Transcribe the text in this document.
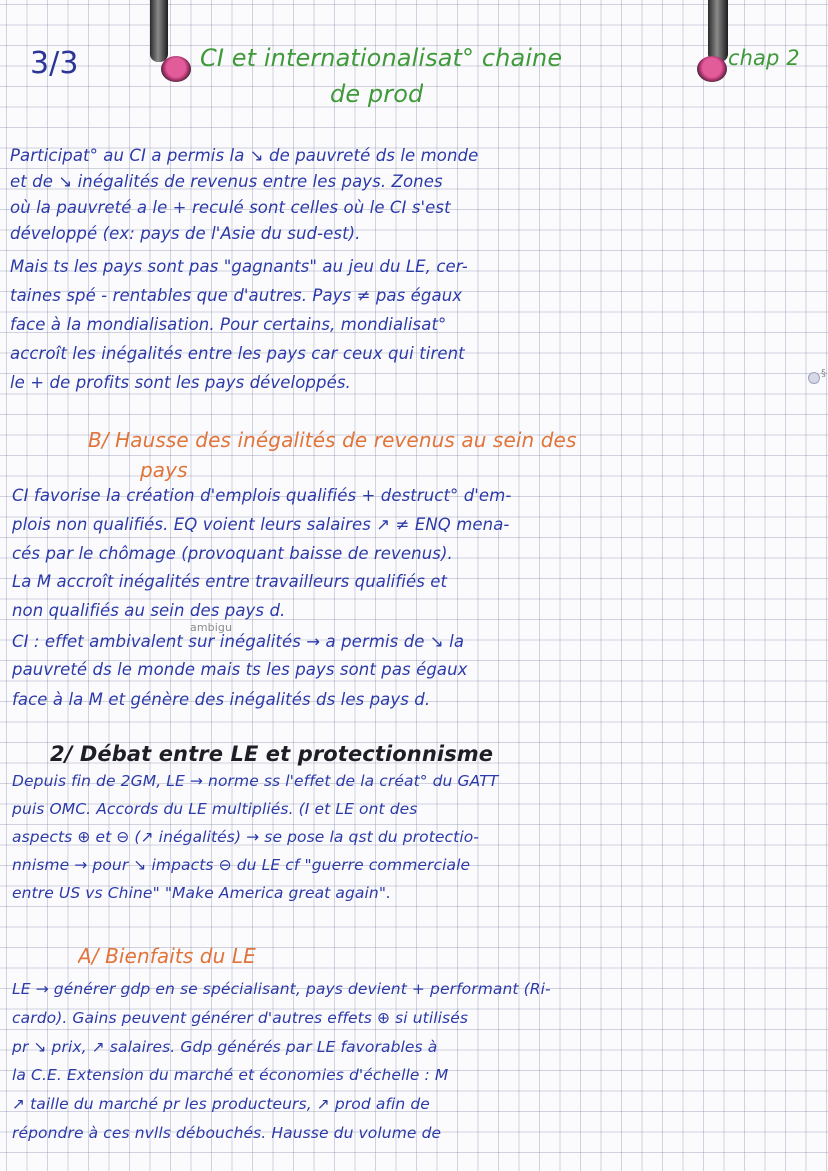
§

3/3	CI et internationalisat° chaine	chap 2

de prod

Participat° au CI a permis la ↘ de pauvreté ds le monde

et de ↘ inégalités de revenus entre les pays. Zones

où la pauvreté a le + reculé sont celles où le CI s'est

développé (ex: pays de l'Asie du sud-est).

Mais ts les pays sont pas "gagnants" au jeu du LE, cer-

taines spé - rentables que d'autres. Pays ≠ pas égaux

face à la mondialisation. Pour certains, mondialisat°

accroît les inégalités entre les pays car ceux qui tirent

le + de profits sont les pays développés.

B/ Hausse des inégalités de revenus au sein des

pays

CI favorise la création d'emplois qualifiés + destruct° d'em-

plois non qualifiés. EQ voient leurs salaires ↗ ≠ ENQ mena-

cés par le chômage (provoquant baisse de revenus).

La M accroît inégalités entre travailleurs qualifiés et

non qualifiés au sein des pays d.

ambigu

CI : effet ambivalent sur inégalités → a permis de ↘ la

pauvreté ds le monde mais ts les pays sont pas égaux

face à la M et génère des inégalités ds les pays d.

2/ Débat entre LE et protectionnisme

Depuis fin de 2GM, LE → norme ss l'effet de la créat° du GATT

puis OMC. Accords du LE multipliés. (I et LE ont des

aspects ⊕ et ⊖ (↗ inégalités) → se pose la qst du protectio-

nnisme → pour ↘ impacts ⊖ du LE cf "guerre commerciale

entre US vs Chine" "Make America great again".

A/ Bienfaits du LE

LE → générer gdp en se spécialisant, pays devient + performant (Ri-

cardo). Gains peuvent générer d'autres effets ⊕ si utilisés

pr ↘ prix, ↗ salaires. Gdp générés par LE favorables à

la C.E. Extension du marché et économies d'échelle : M

↗ taille du marché pr les producteurs, ↗ prod afin de

répondre à ces nvlls débouchés. Hausse du volume de
